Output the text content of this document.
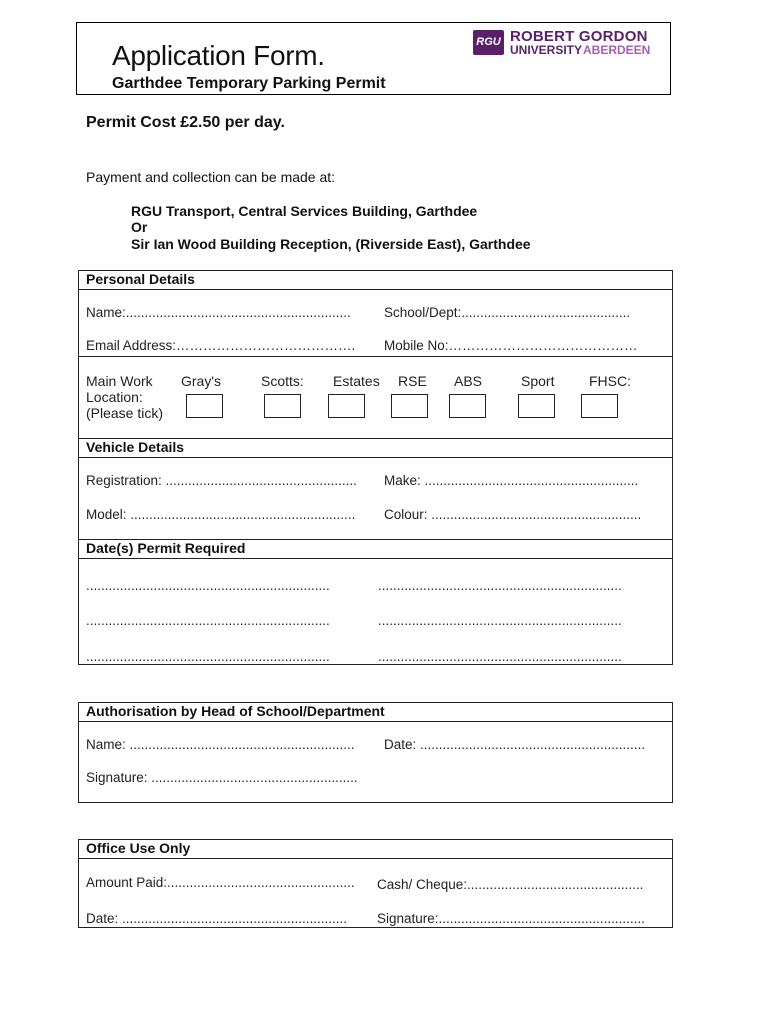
Application Form.
Garthdee Temporary Parking Permit
RGU ROBERT GORDON
UNIVERSITY ABERDEEN
Permit Cost £2.50 per day.
Payment and collection can be made at:
RGU Transport, Central Services Building, Garthdee
Or
Sir Ian Wood Building Reception, (Riverside East), Garthdee
Personal Details
Name:............................................................ School/Dept:.............................................
Email Address:…………………………………. Mobile No:……………………………………
Main Work
Location:
(Please tick)
Gray's	Scotts: Estates RSE ABS	Sport FHSC:
Vehicle Details
Registration: ................................................... Make: .........................................................
Model: ............................................................ Colour: ........................................................
Date(s) Permit Required
.................................................................	.................................................................
.................................................................	.................................................................
.................................................................	.................................................................
Authorisation by Head of School/Department
Name: ............................................................ Date: ............................................................
Signature: .......................................................
Office Use Only
Amount Paid:.................................................. Cash/ Cheque:...............................................
Date: ............................................................ Signature:.......................................................
